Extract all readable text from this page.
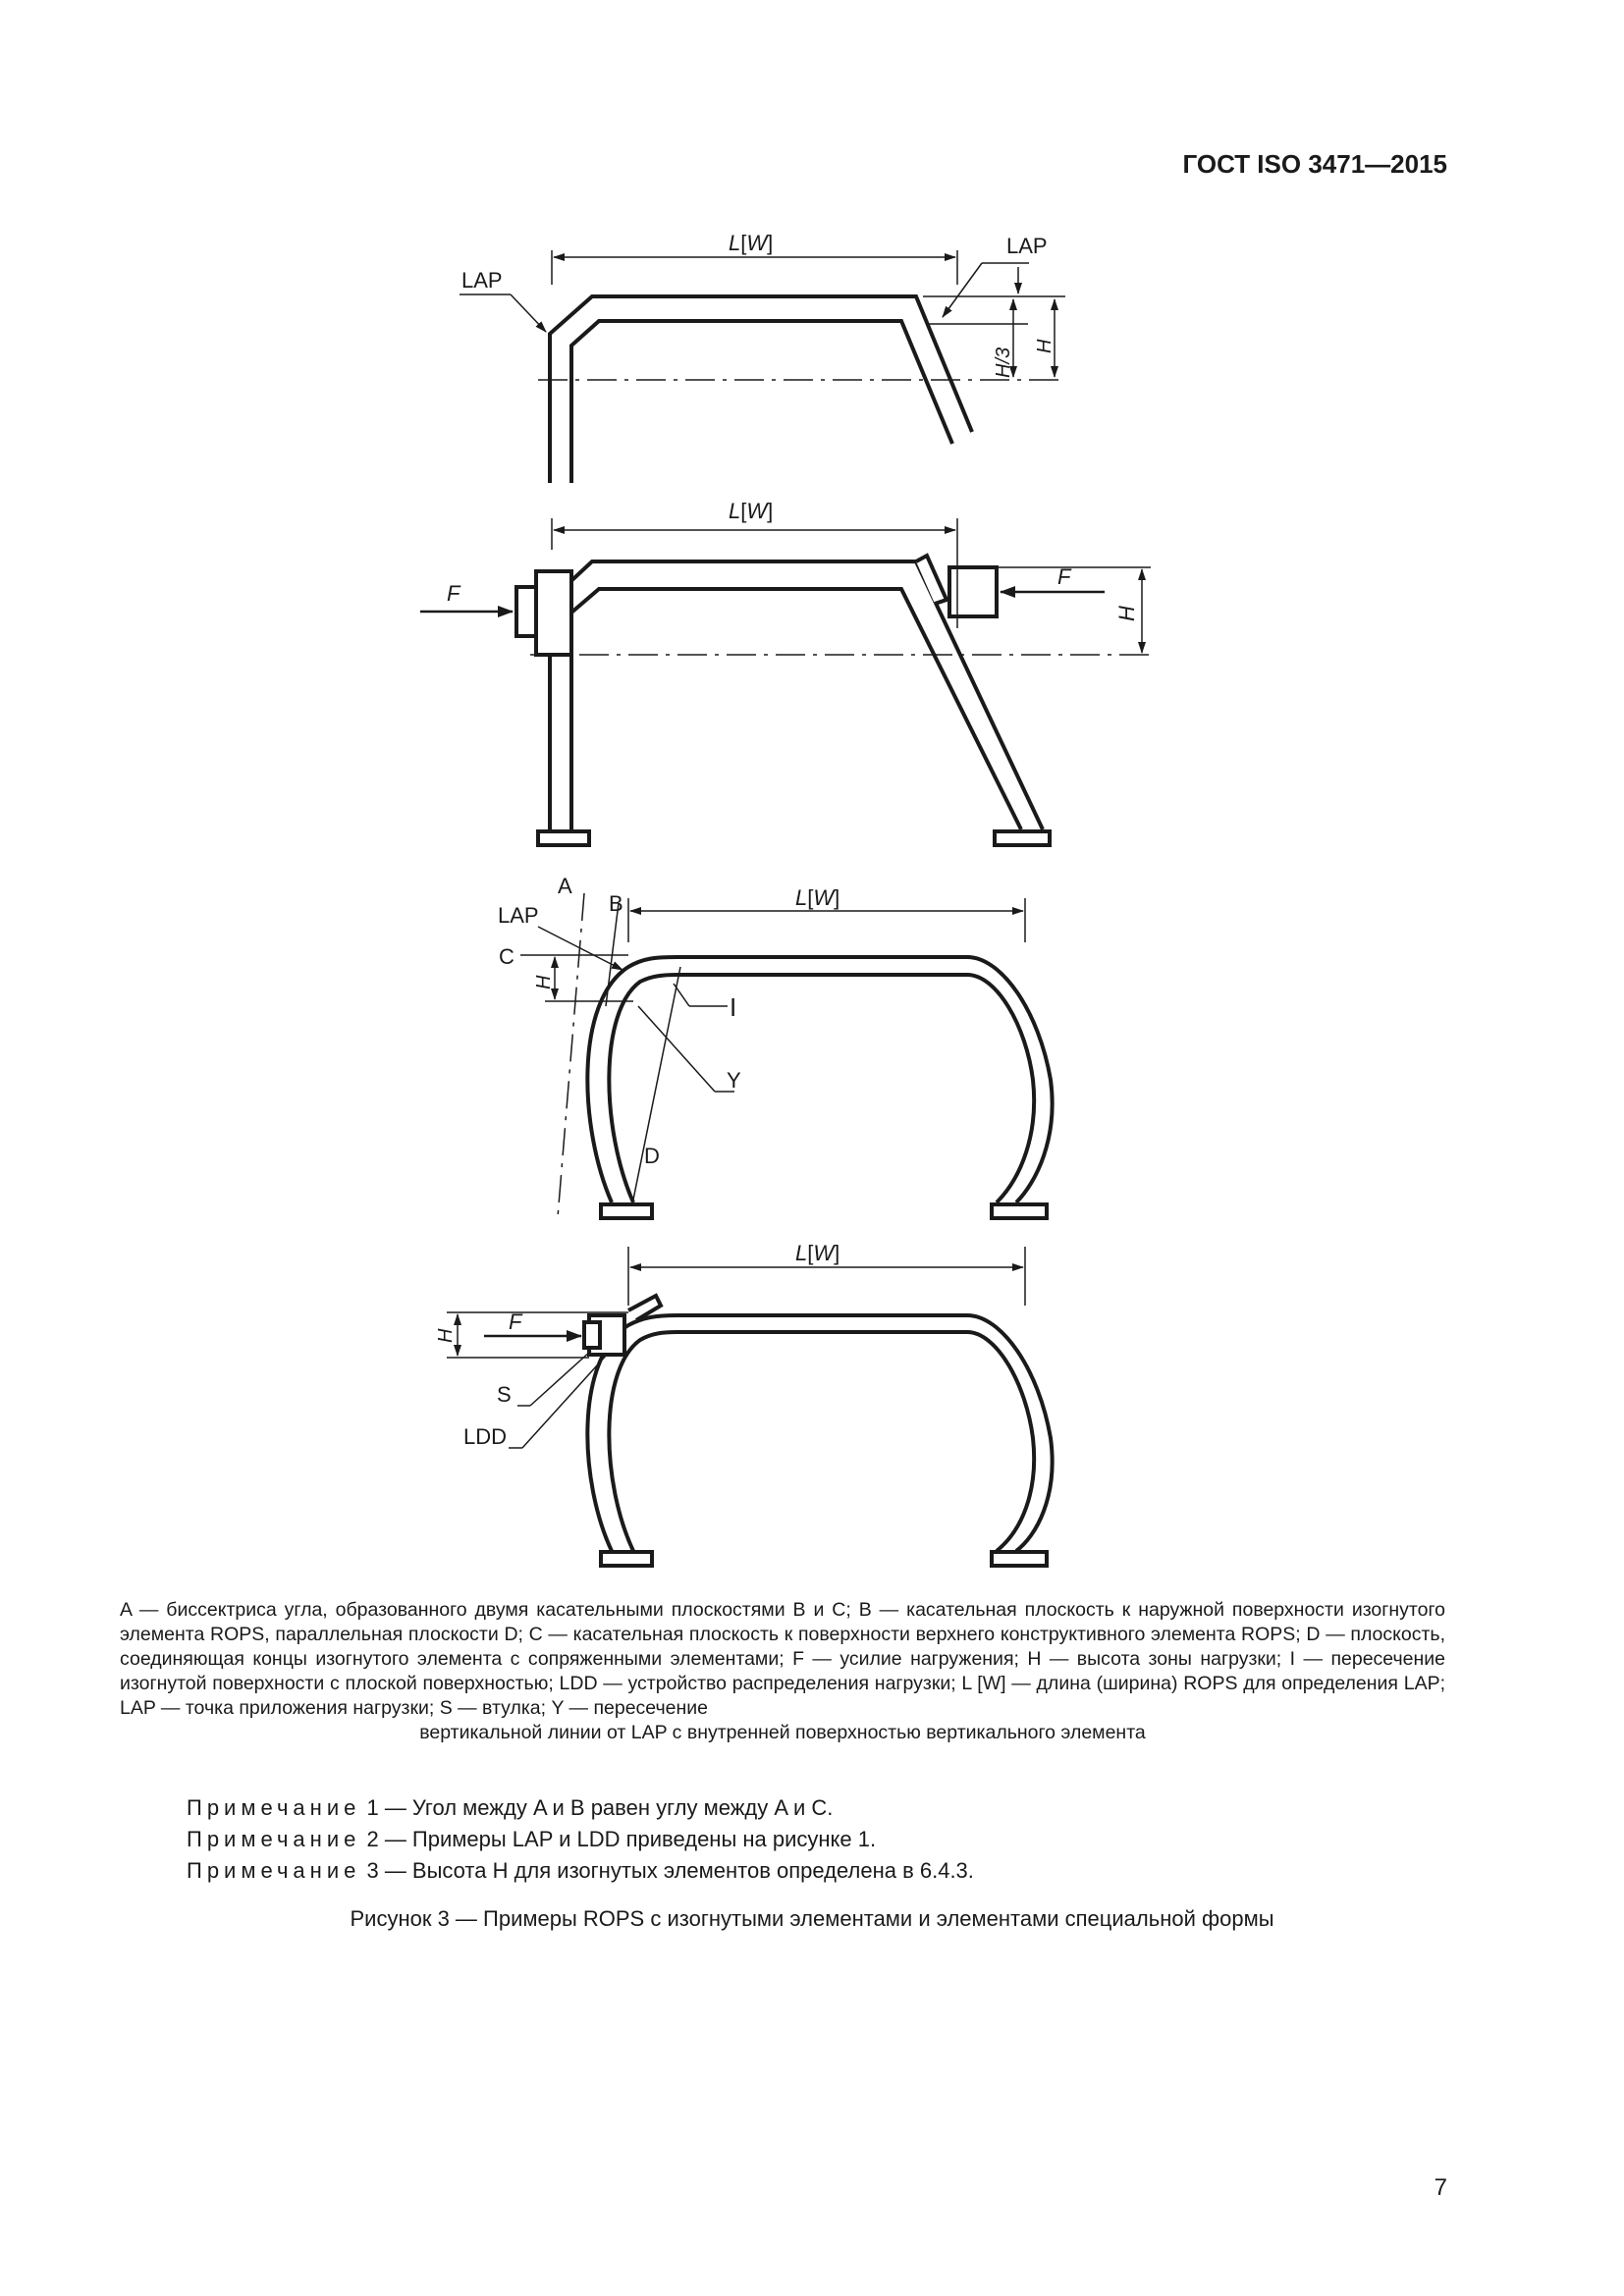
ГОСТ ISO 3471—2015
L[W]
LAP
LAP
H/3
H
L[W]
F
F
H
L[W]
A
B
LAP
C
H
I
Y
D
L[W]
F
H
S
LDD
A — биссектриса угла, образованного двумя касательными плоскостями B и C; B — касательная плоскость к наружной поверхности изогнутого элемента ROPS, параллельная плоскости D; C — касательная плоскость к поверхности верхнего конструктивного элемента ROPS; D — плоскость, соединяющая концы изогнутого элемента с сопряженными элементами; F — усилие нагружения; H — высота зоны нагрузки; I — пересечение изогнутой поверхности с плоской поверхностью; LDD — устройство распределения нагрузки; L [W] — длина (ширина) ROPS для определения LAP; LAP — точка приложения нагрузки; S — втулка; Y — пересечение
вертикальной линии от LAP с внутренней поверхностью вертикального элемента
Примечание 1 — Угол между A и B равен углу между A и C.
Примечание 2 — Примеры LAP и LDD приведены на рисунке 1.
Примечание 3 — Высота H для изогнутых элементов определена в 6.4.3.
Рисунок 3 — Примеры ROPS с изогнутыми элементами и элементами специальной формы
7
